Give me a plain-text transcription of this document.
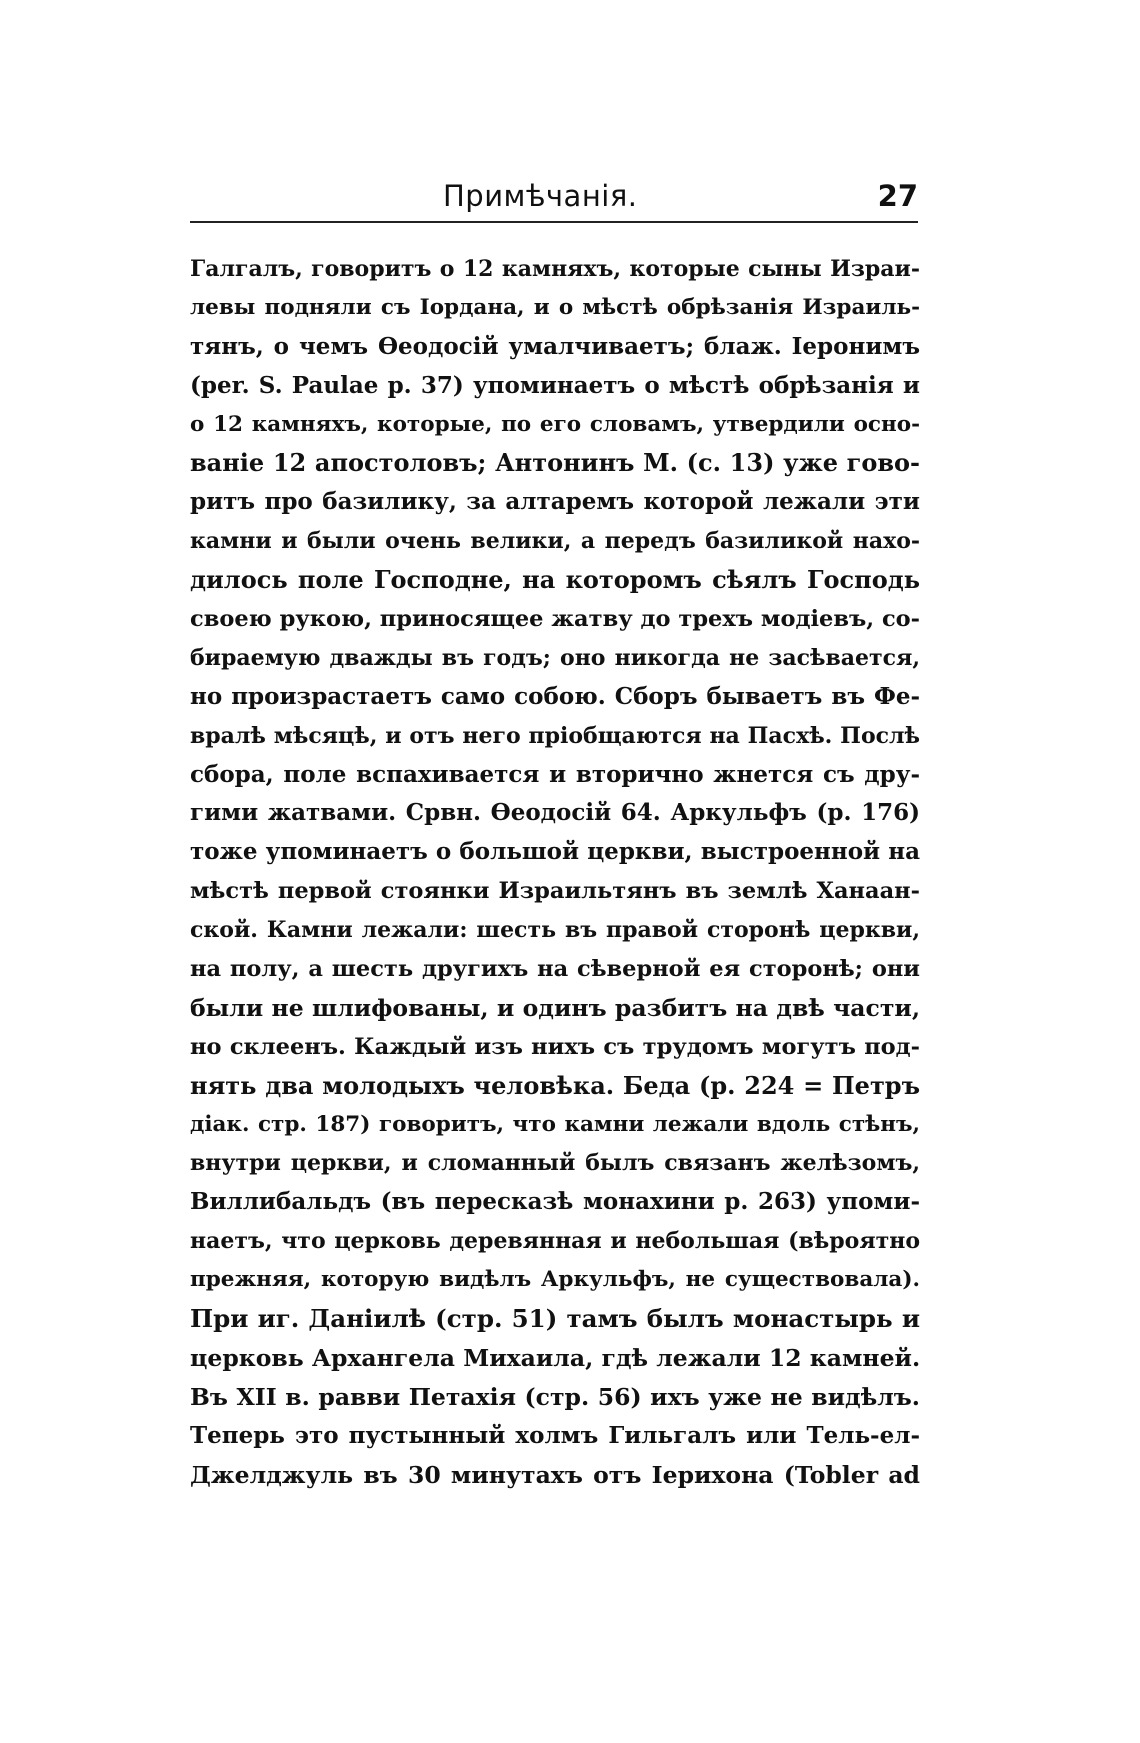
Примѣчанія.	27
Галгалъ, говоритъ о 12 камняхъ, которые сыны Израи-
левы подняли съ Іордана, и о мѣстѣ обрѣзанія Израиль-
тянъ, о чемъ Ѳеодосій умалчиваетъ; блаж. Іеронимъ
(per. S. Paulae p. 37) упоминаетъ о мѣстѣ обрѣзанія и
о 12 камняхъ, которые, по его словамъ, утвердили осно-
ваніе 12 апостоловъ; Антонинъ М. (с. 13) уже гово-
ритъ про базилику, за алтаремъ которой лежали эти
камни и были очень велики, а передъ базиликой нахо-
дилось поле Господне, на которомъ сѣялъ Господь
своею рукою, приносящее жатву до трехъ модіевъ, со-
бираемую дважды въ годъ; оно никогда не засѣвается,
но произрастаетъ само собою. Сборъ бываетъ въ Фе-
вралѣ мѣсяцѣ, и отъ него пріобщаются на Пасхѣ. Послѣ
сбора, поле вспахивается и вторично жнется съ дру-
гими жатвами. Срвн. Ѳеодосій 64. Аркульфъ (p. 176)
тоже упоминаетъ о большой церкви, выстроенной на
мѣстѣ первой стоянки Израильтянъ въ землѣ Ханаан-
ской. Камни лежали: шесть въ правой сторонѣ церкви,
на полу, а шесть другихъ на сѣверной ея сторонѣ; они
были не шлифованы, и одинъ разбитъ на двѣ части,
но склеенъ. Каждый изъ нихъ съ трудомъ могутъ под-
нять два молодыхъ человѣка. Беда (p. 224 = Петръ
діак. стр. 187) говоритъ, что камни лежали вдоль стѣнъ,
внутри церкви, и сломанный былъ связанъ желѣзомъ,
Виллибальдъ (въ пересказѣ монахини p. 263) упоми-
наетъ, что церковь деревянная и небольшая (вѣроятно
прежняя, которую видѣлъ Аркульфъ, не существовала).
При иг. Даніилѣ (стр. 51) тамъ былъ монастырь и
церковь Архангела Михаила, гдѣ лежали 12 камней.
Въ XII в. равви Петахія (стр. 56) ихъ уже не видѣлъ.
Теперь это пустынный холмъ Гильгалъ или Тель-ел-
Джелджуль въ 30 минутахъ отъ Іерихона (Tobler ad
